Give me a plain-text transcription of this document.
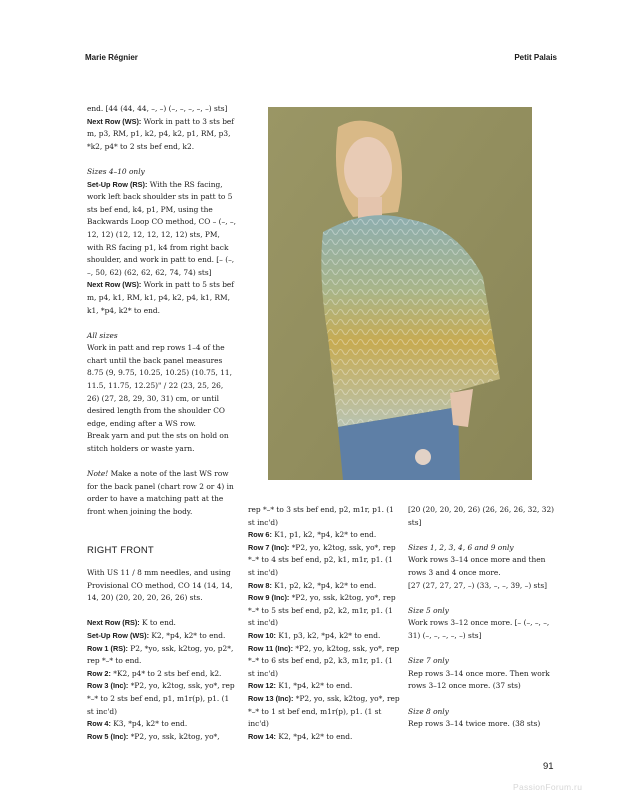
Marie Régnier	Petit Palais

end. [44 (44, 44, –, –) (–, –, –, –, –) sts]

Next Row (WS): Work in patt to 3 sts bef m, p3, RM, p1, k2, p4, k2, p1, RM, p3, *k2, p4* to 2 sts bef end, k2.

Sizes 4–10 only

Set-Up Row (RS): With the RS facing, work left back shoulder sts in patt to 5 sts bef end, k4, p1, PM, using the Backwards Loop CO method, CO – (–, –, 12, 12) (12, 12, 12, 12, 12) sts, PM, with RS facing p1, k4 from right back shoulder, and work in patt to end. [– (–, –, 50, 62) (62, 62, 62, 74, 74) sts]

Next Row (WS): Work in patt to 5 sts bef m, p4, k1, RM, k1, p4, k2, p4, k1, RM, k1, *p4, k2* to end.

All sizes

Work in patt and rep rows 1–4 of the chart until the back panel measures 8.75 (9, 9.75, 10.25, 10.25) (10.75, 11, 11.5, 11.75, 12.25)" / 22 (23, 25, 26, 26) (27, 28, 29, 30, 31) cm, or until desired length from the shoulder CO edge, ending after a WS row.

Break yarn and put the sts on hold on stitch holders or waste yarn.

Note! Make a note of the last WS row for the back panel (chart row 2 or 4) in order to have a matching patt at the front when joining the body.

RIGHT FRONT

With US 11 / 8 mm needles, and using Provisional CO method, CO 14 (14, 14, 14, 20) (20, 20, 20, 26, 26) sts.

Next Row (RS): K to end.

Set-Up Row (WS): K2, *p4, k2* to end.

Row 1 (RS): P2, *yo, ssk, k2tog, yo, p2*, rep *–* to end.

Row 2: *K2, p4* to 2 sts bef end, k2.

Row 3 (Inc): *P2, yo, k2tog, ssk, yo*, rep *–* to 2 sts bef end, p1, m1r(p), p1. (1 st inc'd)

Row 4: K3, *p4, k2* to end.

Row 5 (Inc): *P2, yo, ssk, k2tog, yo*,

rep *–* to 3 sts bef end, p2, m1r, p1. (1 st inc'd)

Row 6: K1, p1, k2, *p4, k2* to end.

Row 7 (Inc): *P2, yo, k2tog, ssk, yo*, rep *–* to 4 sts bef end, p2, k1, m1r, p1. (1 st inc'd)

Row 8: K1, p2, k2, *p4, k2* to end.

Row 9 (Inc): *P2, yo, ssk, k2tog, yo*, rep *–* to 5 sts bef end, p2, k2, m1r, p1. (1 st inc'd)

Row 10: K1, p3, k2, *p4, k2* to end.

Row 11 (Inc): *P2, yo, k2tog, ssk, yo*, rep *–* to 6 sts bef end, p2, k3, m1r, p1. (1 st inc'd)

Row 12: K1, *p4, k2* to end.

Row 13 (Inc): *P2, yo, ssk, k2tog, yo*, rep *–* to 1 st bef end, m1r(p), p1. (1 st inc'd)

Row 14: K2, *p4, k2* to end.

[20 (20, 20, 20, 26) (26, 26, 26, 32, 32) sts]

Sizes 1, 2, 3, 4, 6 and 9 only

Work rows 3–14 once more and then rows 3 and 4 once more.

[27 (27, 27, 27, –) (33, –, –, 39, –) sts]

Size 5 only

Work rows 3–12 once more. [– (–, –, –, 31) (–, –, –, –, –) sts]

Size 7 only

Rep rows 3–14 once more. Then work rows 3–12 once more. (37 sts)

Size 8 only

Rep rows 3–14 twice more. (38 sts)

91
PassionForum.ru
